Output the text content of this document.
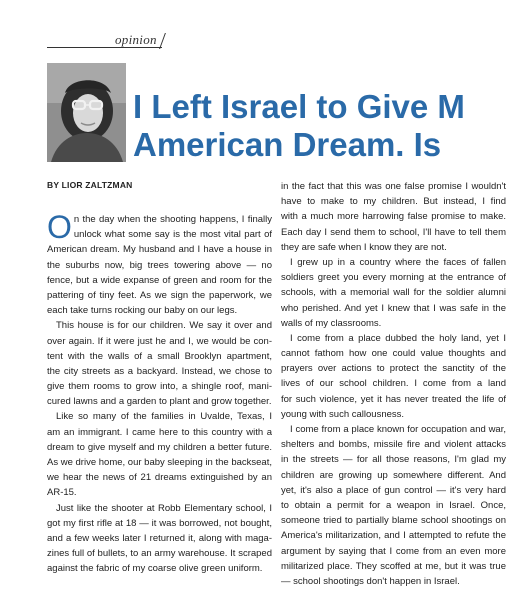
opinion
I Left Israel to Give M
American Dream. Is
BY LIOR ZALTZMAN
O n the day when the shooting happens, I finally
unlock what some say is the most vital part of
American dream. My husband and I have a house in
the suburbs now, big trees towering above — no
fence, but a wide expanse of green and room for the
pattering of tiny feet. As we sign the paperwork, we
each take turns rocking our baby on our legs.
This house is for our children. We say it over and
over again. If it were just he and I, we would be con-
tent with the walls of a small Brooklyn apartment,
the city streets as a backyard. Instead, we chose to
give them rooms to grow into, a shingle roof, mani-
cured lawns and a garden to plant and grow together.
Like so many of the families in Uvalde, Texas, I
am an immigrant. I came here to this country with a
dream to give myself and my children a better future.
As we drive home, our baby sleeping in the backseat,
we hear the news of 21 dreams extinguished by an
AR-15.
Just like the shooter at Robb Elementary school, I
got my first rifle at 18 — it was borrowed, not bought,
and a few weeks later I returned it, along with maga-
zines full of bullets, to an army warehouse. It scraped
against the fabric of my coarse olive green uniform.
in the fact that this was one false promise I wouldn't
have to make to my children. But instead, I find
with a much more harrowing false promise to make.
Each day I send them to school, I'll have to tell them
they are safe when I know they are not.
I grew up in a country where the faces of fallen
soldiers greet you every morning at the entrance of
schools, with a memorial wall for the soldier alumni
who perished. And yet I knew that I was safe in the
walls of my classrooms.
I come from a place dubbed the holy land, yet I
cannot fathom how one could value thoughts and
prayers over actions to protect the sanctity of the
lives of our school children. I come from a land
for such violence, yet it has never treated the life of
young with such callousness.
I come from a place known for occupation and war,
shelters and bombs, missile fire and violent attacks
in the streets — for all those reasons, I'm glad my
children are growing up somewhere different. And
yet, it's also a place of gun control — it's very hard
to obtain a permit for a weapon in Israel. Once,
someone tried to partially blame school shootings on
America's militarization, and I attempted to refute the
argument by saying that I come from an even more
militarized place. They scoffed at me, but it was true
— school shootings don't happen in Israel.
